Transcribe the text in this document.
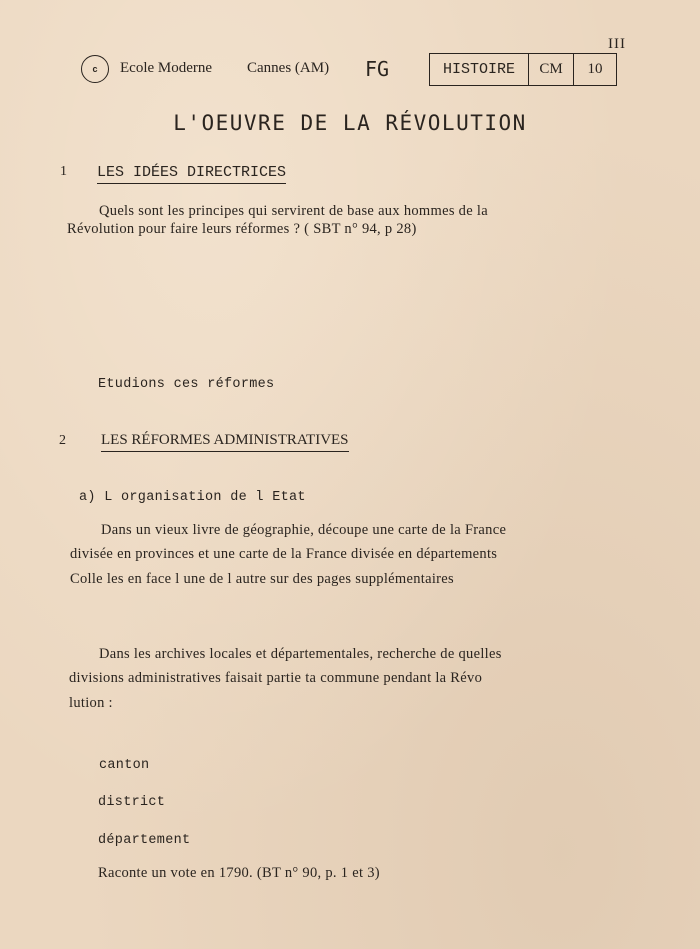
III
c Ecole Moderne Cannes (AM) FG	HISTOIRE	CM	10
L'OEUVRE DE LA RÉVOLUTION
1 LES IDÉES DIRECTRICES
Quels sont les principes qui servirent de base aux hommes de la
Révolution pour faire leurs réformes ? ( SBT n° 94, p 28)
Etudions ces réformes
2 LES RÉFORMES ADMINISTRATIVES
a) L organisation de l Etat
Dans un vieux livre de géographie, découpe une carte de la France
divisée en provinces et une carte de la France divisée en départements
Colle les en face l une de l autre sur des pages supplémentaires
Dans les archives locales et départementales, recherche de quelles
divisions administratives faisait partie ta commune pendant la Révo
lution :
canton
district
département
Raconte un vote en 1790. (BT n° 90, p. 1 et 3)
